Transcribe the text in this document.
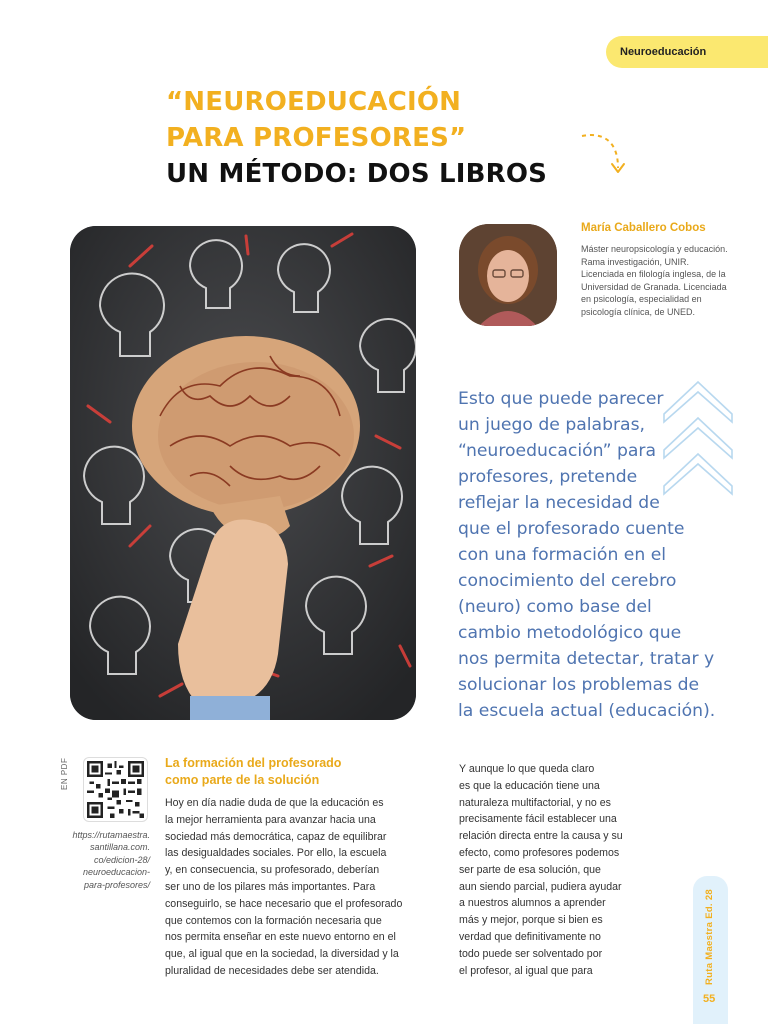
Neuroeducación
“NEUROEDUCACIÓN
PARA PROFESORES”
UN MÉTODO: DOS LIBROS
María Caballero Cobos
Máster neuropsicología y educación. Rama investigación, UNIR. Licenciada en filología inglesa, de la Universidad de Granada. Licenciada en psicología, especialidad en psicología clínica, de UNED.
Esto que puede parecer
un juego de palabras,
“neuroeducación” para
profesores, pretende
reflejar la necesidad de
que el profesorado cuente
con una formación en el
conocimiento del cerebro
(neuro) como base del
cambio metodológico que
nos permita detectar, tratar y
solucionar los problemas de
la escuela actual (educación).
EN PDF
https://rutamaestra.
santillana.com.
co/edicion-28/
neuroeducacion-
para-profesores/
La formación del profesorado
como parte de la solución
Hoy en día nadie duda de que la educación es
la mejor herramienta para avanzar hacia una
sociedad más democrática, capaz de equilibrar
las desigualdades sociales. Por ello, la escuela
y, en consecuencia, su profesorado, deberían
ser uno de los pilares más importantes. Para
conseguirlo, se hace necesario que el profesorado
que contemos con la formación necesaria que
nos permita enseñar en este nuevo entorno en el
que, al igual que en la sociedad, la diversidad y la
pluralidad de necesidades debe ser atendida.
Y aunque lo que queda claro
es que la educación tiene una
naturaleza multifactorial, y no es
precisamente fácil establecer una
relación directa entre la causa y su
efecto, como profesores podemos
ser parte de esa solución, que
aun siendo parcial, pudiera ayudar
a nuestros alumnos a aprender
más y mejor, porque si bien es
verdad que definitivamente no
todo puede ser solventado por
el profesor, al igual que para	Ruta Maestra Ed. 28
55
